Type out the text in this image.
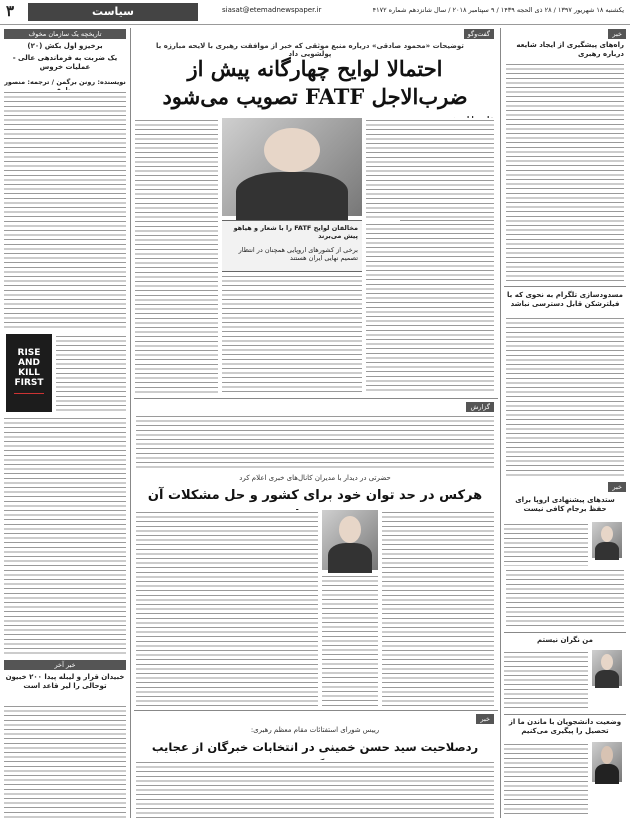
۳	سیاست	siasat@etemadnewspaper.ir	یکشنبه ۱۸ شهریور ۱۳۹۷ / ۲۸ ذی الحجه ۱۴۳۹ / ۹ سپتامبر ۲۰۱۸ / سال شانزدهم شماره ۴۱۷۲
خبر
راه‌های پیشگیری از ایجاد شایعه درباره رهبری
مسدودسازی تلگرام به نحوی که با فیلترشکن قابل دسترسی نباشد
خبر
ستدهای پیشنهادی اروپا برای حفظ برجام کافی نیست
من نگران نیستم
وضعیت دانشجویان با ماندن ما از تحصیل را پیگیری می‌کنیم
گفت‌وگو
توضیحات «محمود صادقی» درباره منبع موثقی که خبر از موافقت رهبری با لایحه مبارزه با پولشویی داد
احتمالا لوایح چهارگانه پیش از
ضرب‌الاجل FATF تصویب می‌شود
مخالفان لوایح FATF را با شعار و هیاهو پیش می‌برند
برخی از کشورهای اروپایی همچنان در انتظار تصمیم نهایی ایران هستند
گزارش
حضرتی در دیدار با مدیران کانال‌های خبری اعلام کرد
هرکس در حد توان خود برای کشور و حل مشکلات آن
خبر
رییس شورای استفتائات مقام معظم رهبری:
ردصلاحیت سید حسن خمینی در انتخابات خبرگان از عجایب
تاریخچه یک سازمان مخوف
برخیزو اول بکش (۲۰)
یک ضربت به فرماندهی عالی - عملیات خروس
نویسنده: رونن برگمن / ترجمه: منصور
RISE AND KILL FIRST
خبر آخر
خبیدان قرار و لیبله پیدا ۲۰۰ خبیون توحالی را لیر قاعد است
